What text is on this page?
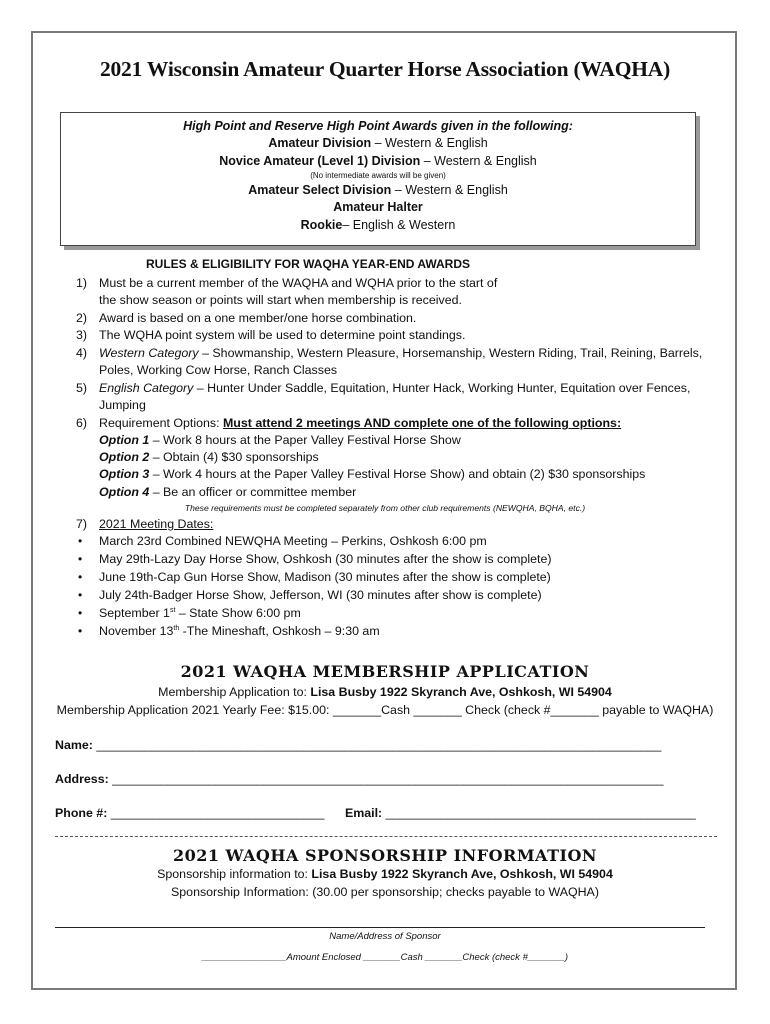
2021 Wisconsin Amateur Quarter Horse Association (WAQHA)
High Point and Reserve High Point Awards given in the following:
Amateur Division – Western & English
Novice Amateur (Level 1) Division – Western & English
(No intermediate awards will be given)
Amateur Select Division – Western & English
Amateur Halter
Rookie– English & Western
RULES & ELIGIBILITY FOR WAQHA YEAR-END AWARDS
1) Must be a current member of the WAQHA and WQHA prior to the start of
the show season or points will start when membership is received.
2) Award is based on a one member/one horse combination.
3) The WQHA point system will be used to determine point standings.
4) Western Category – Showmanship, Western Pleasure, Horsemanship, Western Riding, Trail, Reining, Barrels,
Poles, Working Cow Horse, Ranch Classes
5) English Category – Hunter Under Saddle, Equitation, Hunter Hack, Working Hunter, Equitation over Fences,
Jumping
6) Requirement Options: Must attend 2 meetings AND complete one of the following options:
Option 1 – Work 8 hours at the Paper Valley Festival Horse Show
Option 2 – Obtain (4) $30 sponsorships
Option 3 – Work 4 hours at the Paper Valley Festival Horse Show) and obtain (2) $30 sponsorships
Option 4 – Be an officer or committee member
These requirements must be completed separately from other club requirements (NEWQHA, BQHA, etc.)
7) 2021 Meeting Dates:
• March 23rd Combined NEWQHA Meeting – Perkins, Oshkosh 6:00 pm
• May 29th-Lazy Day Horse Show, Oshkosh (30 minutes after the show is complete)
• June 19th-Cap Gun Horse Show, Madison (30 minutes after the show is complete)
• July 24th-Badger Horse Show, Jefferson, WI (30 minutes after show is complete)
• September 1st – State Show 6:00 pm
• November 13th -The Mineshaft, Oshkosh – 9:30 am
2021 WAQHA MEMBERSHIP APPLICATION
Membership Application to: Lisa Busby 1922 Skyranch Ave, Oshkosh, WI 54904
Membership Application 2021 Yearly Fee: $15.00: _______Cash _______ Check (check #_______ payable to WAQHA)
Name: __________________________________________________________________________________
Address: ________________________________________________________________________________
Phone #: _______________________________ Email: _____________________________________________
2021 WAQHA SPONSORSHIP INFORMATION
Sponsorship information to: Lisa Busby 1922 Skyranch Ave, Oshkosh, WI 54904
Sponsorship Information: (30.00 per sponsorship; checks payable to WAQHA)
Name/Address of Sponsor
________________Amount Enclosed _______Cash _______Check (check #_______)
